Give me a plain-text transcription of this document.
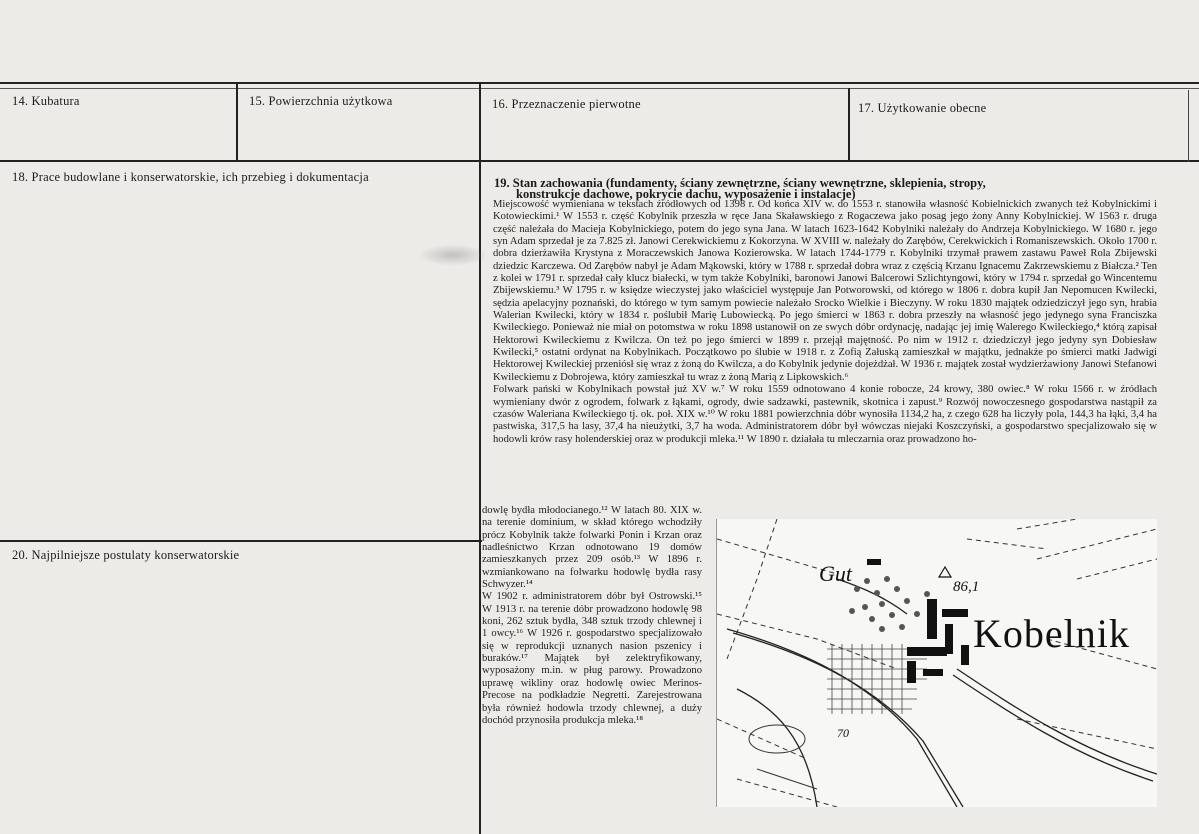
14. Kubatura	15. Powierzchnia użytkowa	16. Przeznaczenie pierwotne	17. Użytkowanie obecne
18. Prace budowlane i konserwatorskie, ich przebieg i dokumentacja
20. Najpilniejsze postulaty konserwatorskie
19. Stan zachowania (fundamenty, ściany zewnętrzne, ściany wewnętrzne, sklepienia, stropy,
konstrukcje dachowe, pokrycie dachu, wyposażenie i instalacje)

Miejscowość wymieniana w tekstach źródłowych od 1398 r. Od końca XIV w. do 1553 r. stanowiła własność Kobielnickich zwanych też Kobylnickimi i Kotowieckimi.¹ W 1553 r. część Kobylnik przeszła w ręce Jana Skaławskiego z Rogaczewa jako posag jego żony Anny Kobylnickiej. W 1563 r. druga część należała do Macieja Kobylnickiego, potem do jego syna Jana. W latach 1623-1642 Kobylniki należały do Andrzeja Kobylnickiego. W 1680 r. jego syn Adam sprzedał je za 7.825 zł. Janowi Cerekwickiemu z Kokorzyna. W XVIII w. należały do Zarębów, Cerekwickich i Romaniszewskich. Około 1700 r. dobra dzierżawiła Krystyna z Moraczewskich Janowa Kozierowska. W latach 1744-1779 r. Kobylniki trzymał prawem zastawu Paweł Rola Zbijewski dziedzic Karczewa. Od Zarębów nabył je Adam Mąkowski, który w 1788 r. sprzedał dobra wraz z częścią Krzanu Ignacemu Zakrzewskiemu z Białcza.² Ten z kolei w 1791 r. sprzedał cały klucz białecki, w tym także Kobylniki, baronowi Janowi Balcerowi Szlichtyngowi, który w 1794 r. sprzedał go Wincentemu Zbijewskiemu.³ W 1795 r. w księdze wieczystej jako właściciel występuje Jan Potworowski, od którego w 1806 r. dobra kupił Jan Nepomucen Kwilecki, sędzia apelacyjny poznański, do którego w tym samym powiecie należało Srocko Wielkie i Bieczyny. W roku 1830 majątek odziedziczył jego syn, hrabia Walerian Kwilecki, który w 1834 r. poślubił Marię Lubowiecką. Po jego śmierci w 1863 r. dobra przeszły na własność jego jedynego syna Franciszka Kwileckiego. Ponieważ nie miał on potomstwa w roku 1898 ustanowił on ze swych dóbr ordynację, nadając jej imię Walerego Kwileckiego,⁴ którą zapisał Hektorowi Kwileckiemu z Kwilcza. On też po jego śmierci w 1899 r. przejął majętność. Po nim w 1912 r. dziedziczył jego jedyny syn Dobiesław Kwilecki,⁵ ostatni ordynat na Kobylnikach. Początkowo po ślubie w 1918 r. z Zofią Załuską zamieszkał w majątku, jednakże po śmierci matki Jadwigi Hektorowej Kwileckiej przeniósł się wraz z żoną do Kwilcza, a do Kobylnik jedynie dojeżdżał. W 1936 r. majątek został wydzierżawiony Janowi Stefanowi Kwileckiemu z Dobrojewa, który zamieszkał tu wraz z żoną Marią z Lipkowskich.⁶

Folwark pański w Kobylnikach powstał już XV w.⁷ W roku 1559 odnotowano 4 konie robocze, 24 krowy, 380 owiec.⁸ W roku 1566 r. w źródłach wymieniany dwór z ogrodem, folwark z łąkami, ogrody, dwie sadzawki, pastewnik, skotnica i zapust.⁹ Rozwój nowoczesnego gospodarstwa nastąpił za czasów Waleriana Kwileckiego tj. ok. poł. XIX w.¹⁰ W roku 1881 powierzchnia dóbr wynosiła 1134,2 ha, z czego 628 ha liczyły pola, 144,3 ha łąki, 3,4 ha pastwiska, 317,5 ha lasy, 37,4 ha nieużytki, 3,7 ha woda. Administratorem dóbr był wówczas niejaki Koszczyński, a gospodarstwo specjalizowało się w hodowli krów rasy holenderskiej oraz w produkcji mleka.¹¹ W 1890 r. działała tu mleczarnia oraz prowadzono ho-

dowlę bydła młodocianego.¹² W latach 80. XIX w. na terenie dominium, w skład którego wchodziły prócz Kobylnik także folwarki Ponin i Krzan oraz nadleśnictwo Krzan odnotowano 19 domów zamieszkanych przez 209 osób.¹³ W 1896 r. wzmiankowano na folwarku hodowlę bydła rasy Schwyzer.¹⁴

W 1902 r. administratorem dóbr był Ostrowski.¹⁵ W 1913 r. na terenie dóbr prowadzono hodowlę 98 koni, 262 sztuk bydła, 348 sztuk trzody chlewnej i 1 owcy.¹⁶ W 1926 r. gospodarstwo specjalizowało się w reprodukcji uznanych nasion pszenicy i buraków.¹⁷ Majątek był zelektryfikowany, wyposażony m.in. w pług parowy. Prowadzono uprawę wikliny oraz hodowlę owiec Merinos-Precose na podkładzie Negretti. Zarejestrowana była również hodowla trzody chlewnej, a duży dochód przynosiła produkcja mleka.¹⁸

Gut
86,1
Kobelnik
70
